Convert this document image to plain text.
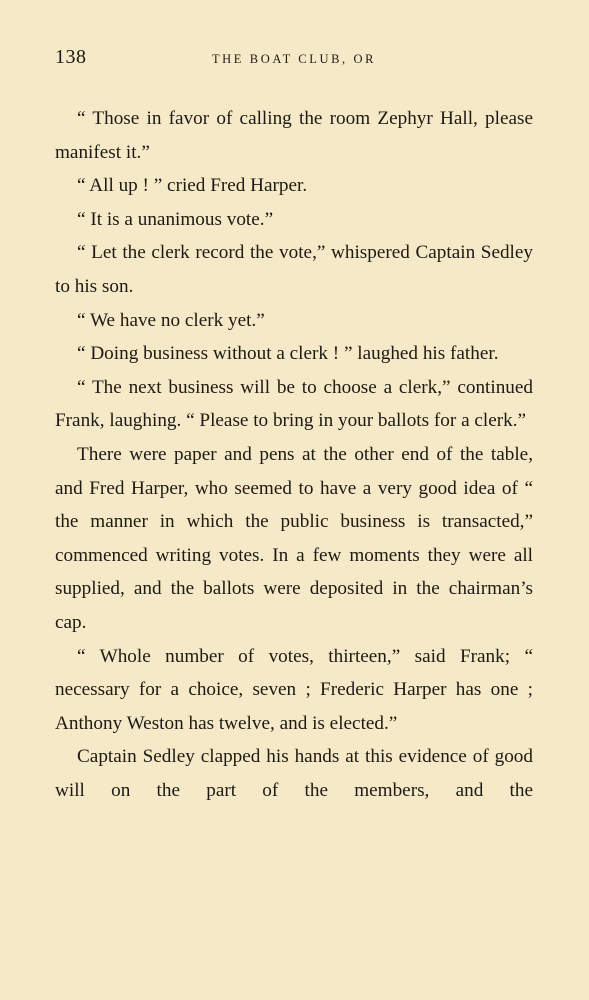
138	THE BOAT CLUB, OR

“ Those in favor of calling the room Zephyr Hall, please manifest it.”

“ All up ! ” cried Fred Harper.

“ It is a unanimous vote.”

“ Let the clerk record the vote,” whispered Captain Sedley to his son.

“ We have no clerk yet.”

“ Doing business without a clerk ! ” laughed his father.

“ The next business will be to choose a clerk,” continued Frank, laughing. “ Please to bring in your ballots for a clerk.”

There were paper and pens at the other end of the table, and Fred Harper, who seemed to have a very good idea of “ the manner in which the public business is transacted,” commenced writing votes. In a few moments they were all supplied, and the ballots were deposited in the chairman’s cap.

“ Whole number of votes, thirteen,” said Frank; “ necessary for a choice, seven ; Frederic Harper has one ; Anthony Weston has twelve, and is elected.”

Captain Sedley clapped his hands at this evidence of good will on the part of the members, and the
